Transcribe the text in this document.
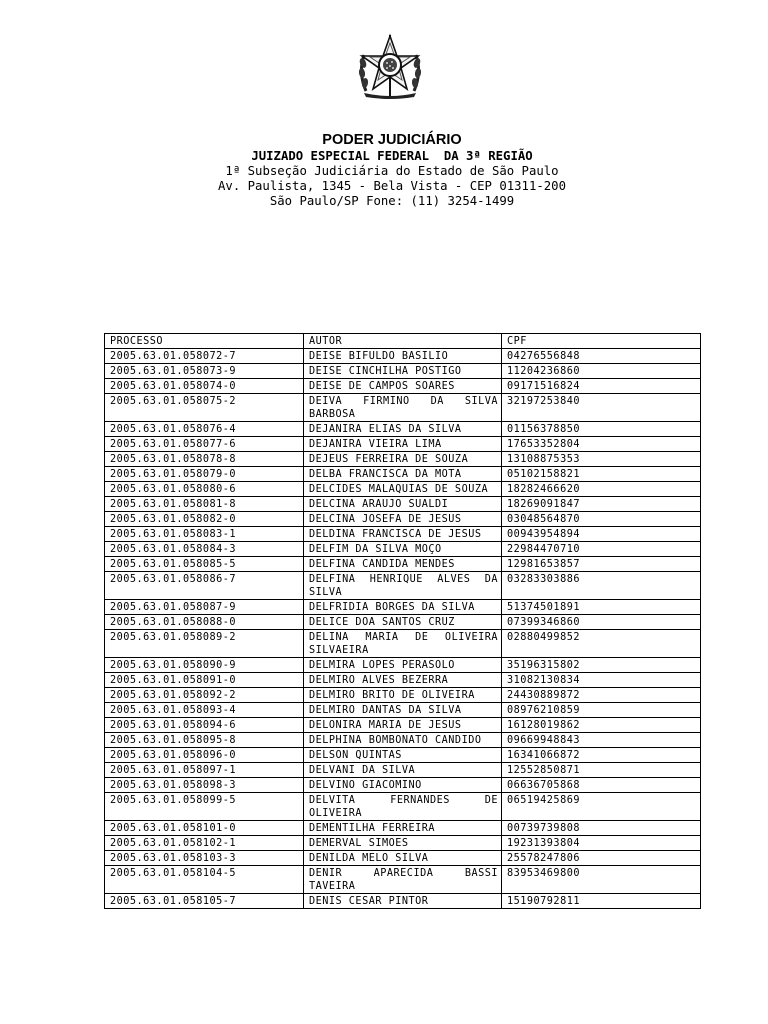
PODER JUDICIÁRIO
JUIZADO ESPECIAL FEDERAL  DA 3ª REGIÃO
1ª Subseção Judiciária do Estado de São Paulo
Av. Paulista, 1345 - Bela Vista - CEP 01311-200
São Paulo/SP Fone: (11) 3254-1499
PROCESSO	AUTOR	CPF
2005.63.01.058072-7	DEISE BIFULDO BASILIO	04276556848
2005.63.01.058073-9	DEISE CINCHILHA POSTIGO	11204236860
2005.63.01.058074-0	DEISE DE CAMPOS SOARES	09171516824
2005.63.01.058075-2	DEIVA FIRMINO DA SILVA BARBOSA	32197253840
2005.63.01.058076-4	DEJANIRA ELIAS DA SILVA	01156378850
2005.63.01.058077-6	DEJANIRA VIEIRA LIMA	17653352804
2005.63.01.058078-8	DEJEUS FERREIRA DE SOUZA	13108875353
2005.63.01.058079-0	DELBA FRANCISCA DA MOTA	05102158821
2005.63.01.058080-6	DELCIDES MALAQUIAS DE SOUZA	18282466620
2005.63.01.058081-8	DELCINA ARAUJO SUALDI	18269091847
2005.63.01.058082-0	DELCINA JOSEFA DE JESUS	03048564870
2005.63.01.058083-1	DELDINA FRANCISCA DE JESUS	00943954894
2005.63.01.058084-3	DELFIM DA SILVA MOÇO	22984470710
2005.63.01.058085-5	DELFINA CANDIDA MENDES	12981653857
2005.63.01.058086-7	DELFINA HENRIQUE ALVES DA SILVA	03283303886
2005.63.01.058087-9	DELFRIDIA BORGES DA SILVA	51374501891
2005.63.01.058088-0	DELICE DOA SANTOS CRUZ	07399346860
2005.63.01.058089-2	DELINA MARIA DE OLIVEIRA SILVAEIRA	02880499852
2005.63.01.058090-9	DELMIRA LOPES PERASOLO	35196315802
2005.63.01.058091-0	DELMIRO ALVES BEZERRA	31082130834
2005.63.01.058092-2	DELMIRO BRITO DE OLIVEIRA	24430889872
2005.63.01.058093-4	DELMIRO DANTAS DA SILVA	08976210859
2005.63.01.058094-6	DELONIRA MARIA DE JESUS	16128019862
2005.63.01.058095-8	DELPHINA BOMBONATO CANDIDO	09669948843
2005.63.01.058096-0	DELSON QUINTAS	16341066872
2005.63.01.058097-1	DELVANI DA SILVA	12552850871
2005.63.01.058098-3	DELVINO GIACOMINO	06636705868
2005.63.01.058099-5	DELVITA FERNANDES DE OLIVEIRA	06519425869
2005.63.01.058101-0	DEMENTILHA FERREIRA	00739739808
2005.63.01.058102-1	DEMERVAL SIMOES	19231393804
2005.63.01.058103-3	DENILDA MELO SILVA	25578247806
2005.63.01.058104-5	DENIR APARECIDA BASSI TAVEIRA	83953469800
2005.63.01.058105-7	DENIS CESAR PINTOR	15190792811
